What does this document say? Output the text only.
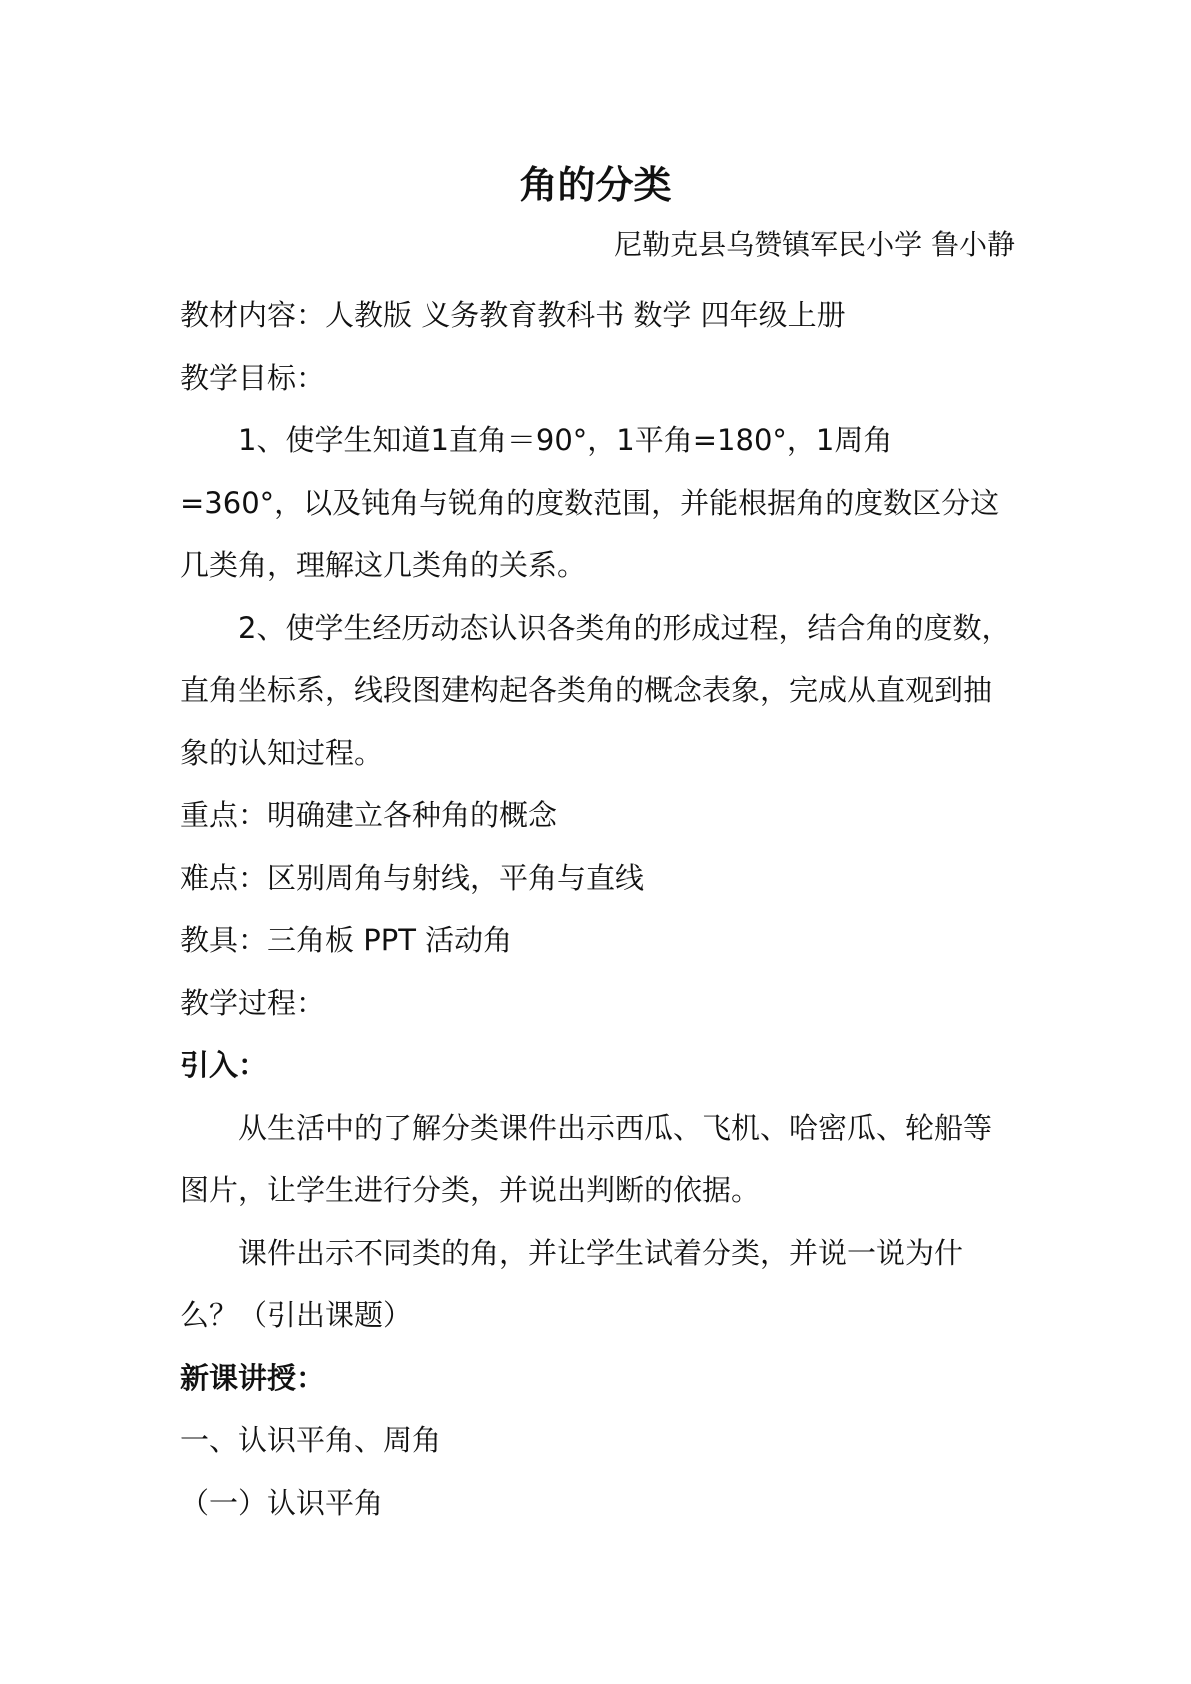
角的分类

尼勒克县乌赞镇军民小学 鲁小静

教材内容：人教版 义务教育教科书 数学 四年级上册

教学目标：

1、使学生知道1直角＝90°，1平角=180°，1周角=360°，以及钝角与锐角的度数范围，并能根据角的度数区分这几类角，理解这几类角的关系。

2、使学生经历动态认识各类角的形成过程，结合角的度数，直角坐标系，线段图建构起各类角的概念表象，完成从直观到抽象的认知过程。

重点：明确建立各种角的概念

难点：区别周角与射线，平角与直线

教具：三角板 PPT 活动角

教学过程：

引入：

从生活中的了解分类课件出示西瓜、飞机、哈密瓜、轮船等图片，让学生进行分类，并说出判断的依据。

课件出示不同类的角，并让学生试着分类，并说一说为什么？（引出课题）

新课讲授：

一、认识平角、周角

（一）认识平角
